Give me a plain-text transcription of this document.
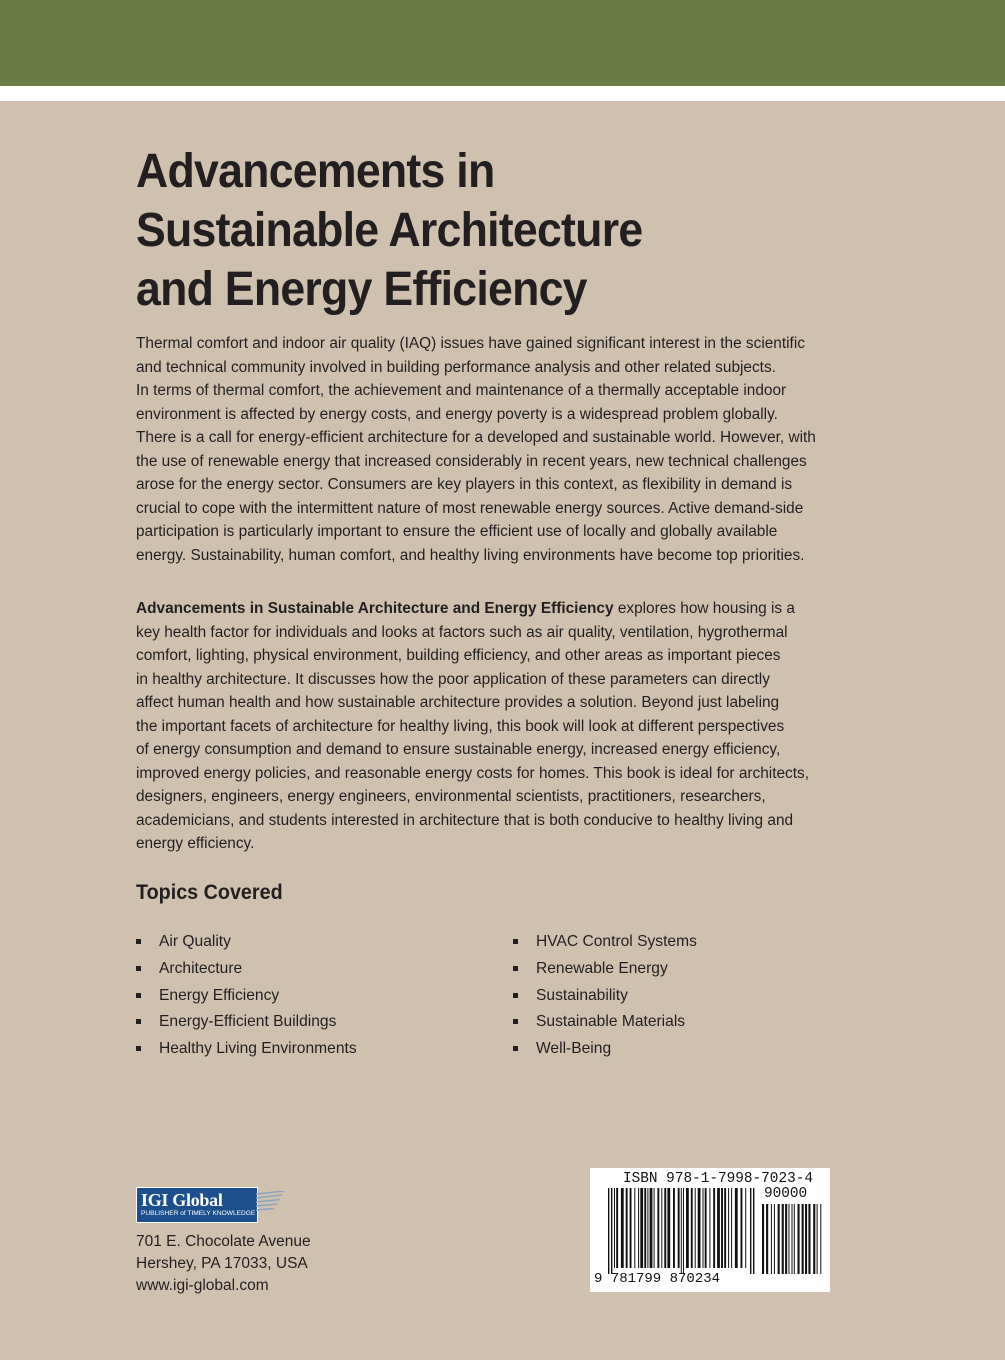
Advancements in
Sustainable Architecture
and Energy Efficiency

Thermal comfort and indoor air quality (IAQ) issues have gained significant interest in the scientific
and technical community involved in building performance analysis and other related subjects.
In terms of thermal comfort, the achievement and maintenance of a thermally acceptable indoor
environment is affected by energy costs, and energy poverty is a widespread problem globally.
There is a call for energy-efficient architecture for a developed and sustainable world. However, with
the use of renewable energy that increased considerably in recent years, new technical challenges
arose for the energy sector. Consumers are key players in this context, as flexibility in demand is
crucial to cope with the intermittent nature of most renewable energy sources. Active demand-side
participation is particularly important to ensure the efficient use of locally and globally available
energy. Sustainability, human comfort, and healthy living environments have become top priorities.

Advancements in Sustainable Architecture and Energy Efficiency explores how housing is a
key health factor for individuals and looks at factors such as air quality, ventilation, hygrothermal
comfort, lighting, physical environment, building efficiency, and other areas as important pieces
in healthy architecture. It discusses how the poor application of these parameters can directly
affect human health and how sustainable architecture provides a solution. Beyond just labeling
the important facets of architecture for healthy living, this book will look at different perspectives
of energy consumption and demand to ensure sustainable energy, increased energy efficiency,
improved energy policies, and reasonable energy costs for homes. This book is ideal for architects,
designers, engineers, energy engineers, environmental scientists, practitioners, researchers,
academicians, and students interested in architecture that is both conducive to healthy living and
energy efficiency.

Topics Covered
Air Quality
Architecture
Energy Efficiency
Energy-Efficient Buildings
Healthy Living Environments
HVAC Control Systems
Renewable Energy
Sustainability
Sustainable Materials
Well-Being
IGI Global
PUBLISHER of TIMELY KNOWLEDGE

701 E. Chocolate Avenue
Hershey, PA 17033, USA
www.igi-global.com

ISBN 978-1-7998-7023-4
90000
9 781799 870234
